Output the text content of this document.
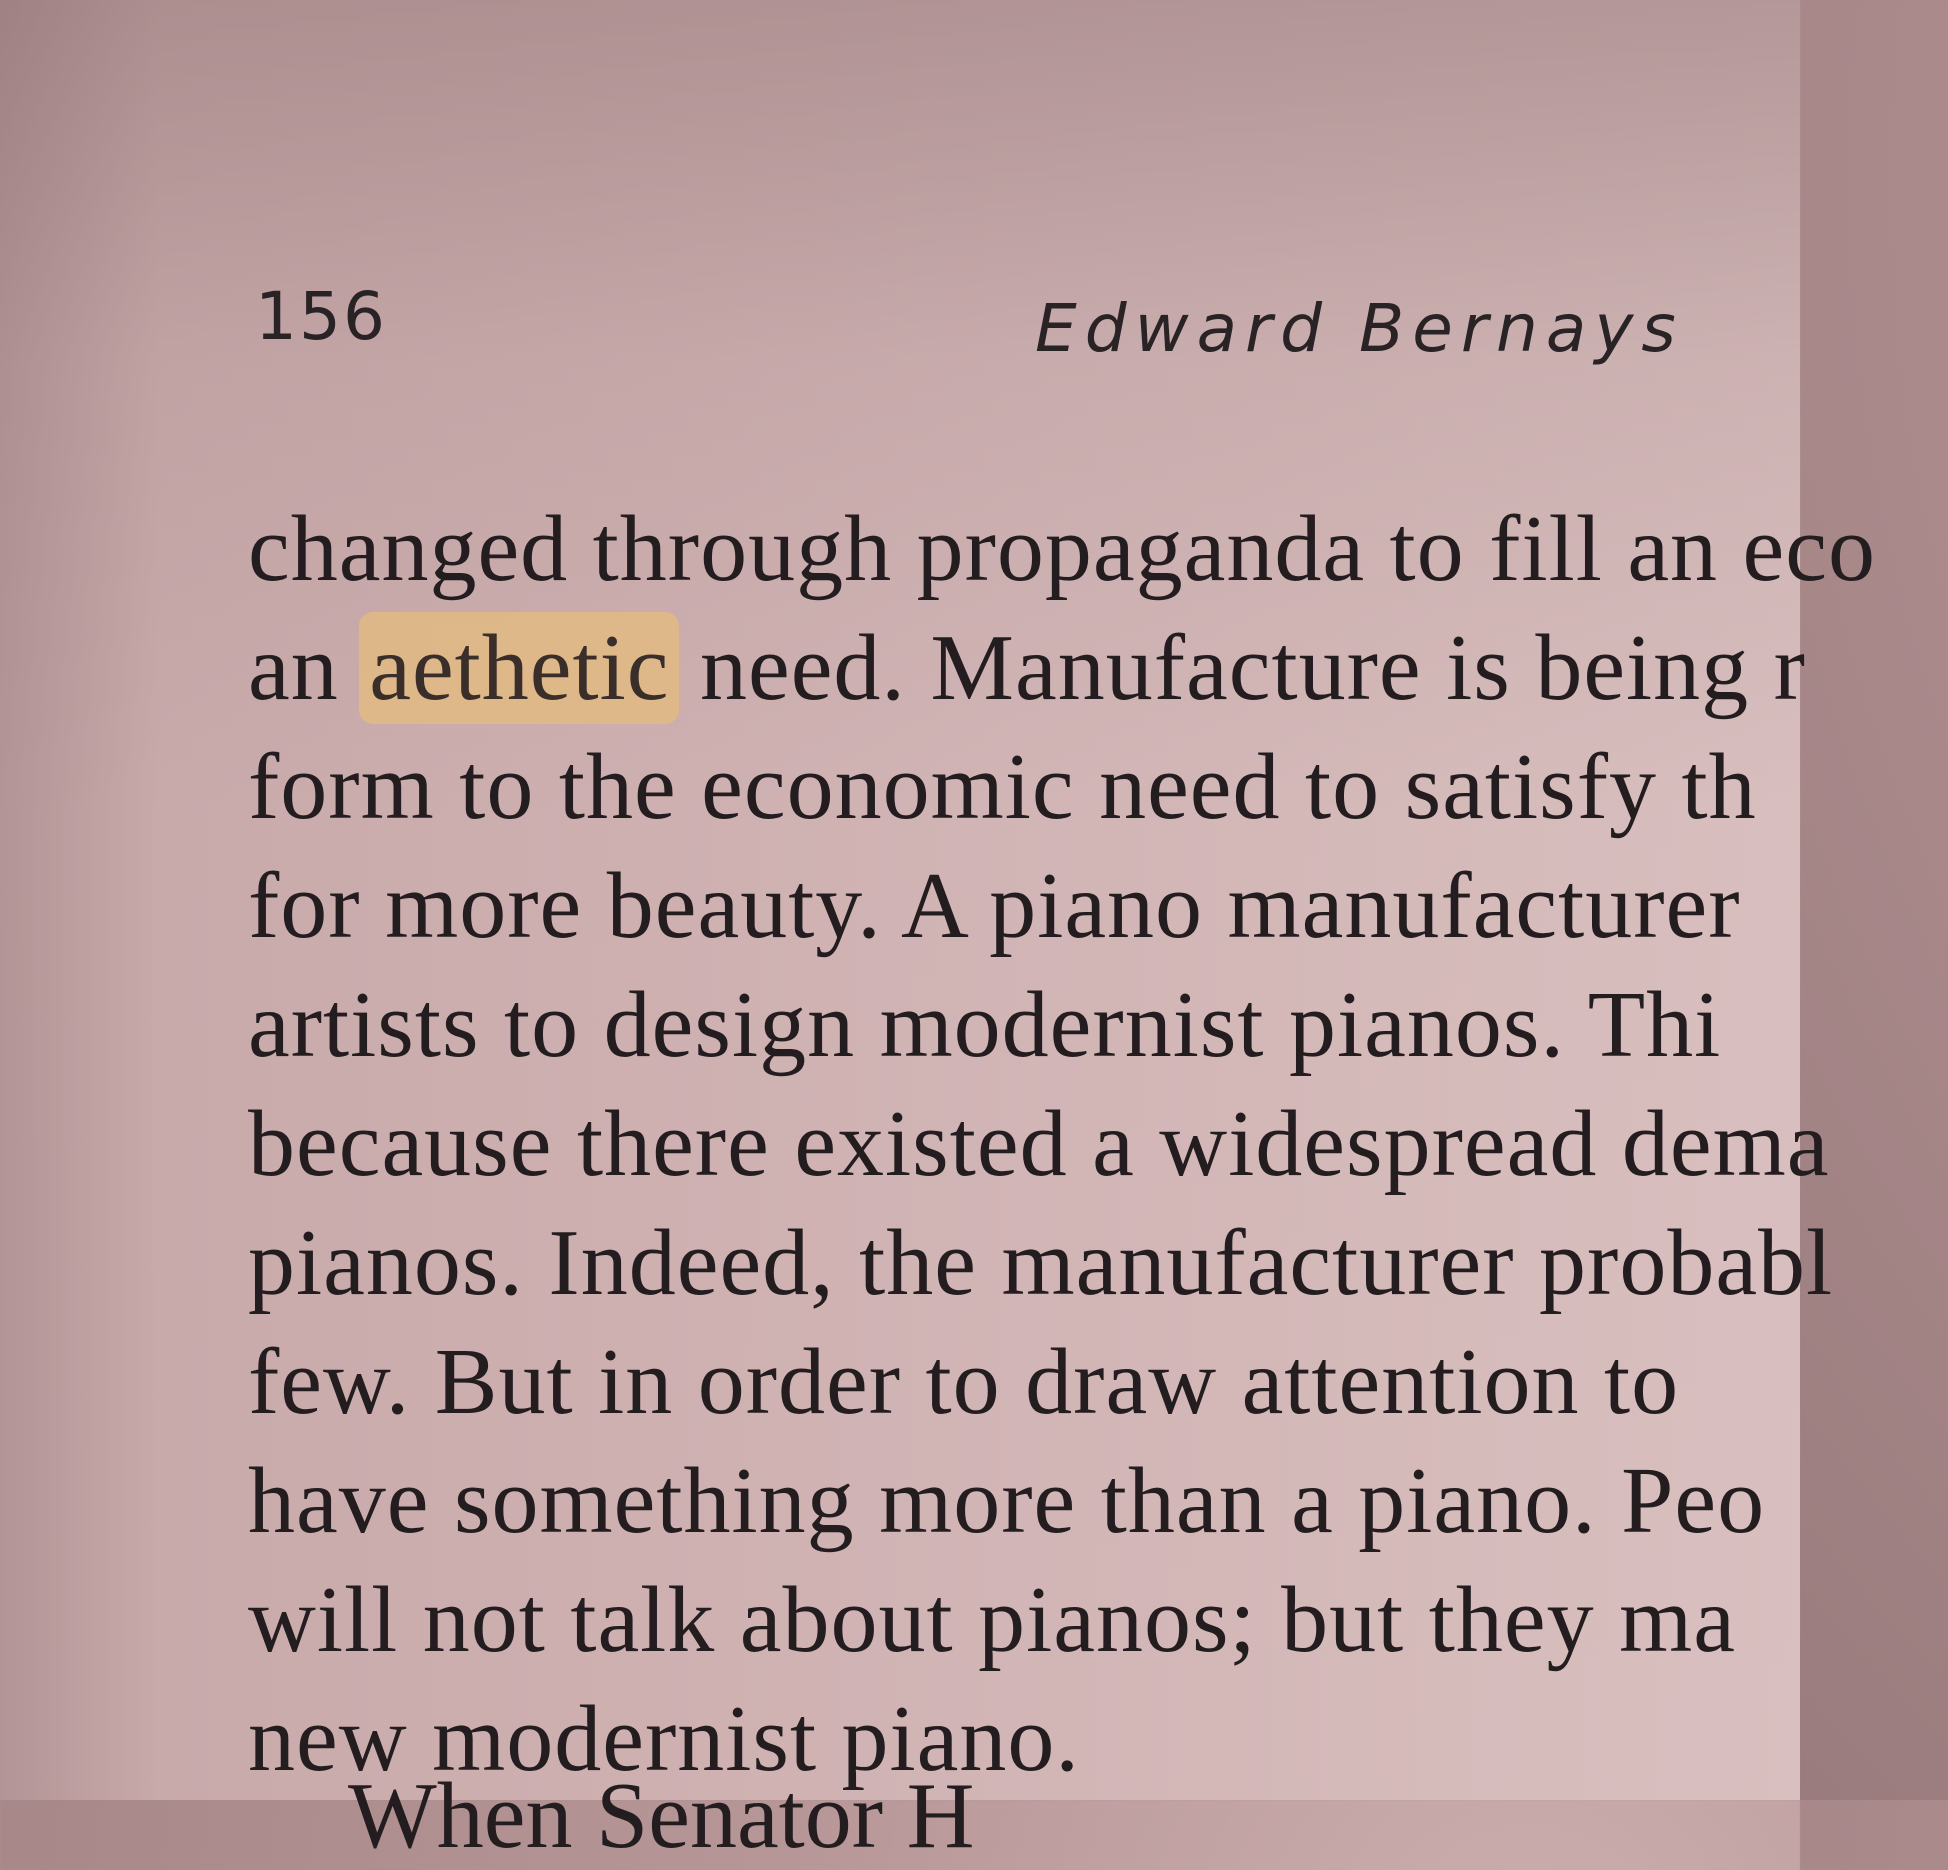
156	Edward Bernays
changed through propaganda to fill an eco
an aethetic need. Manufacture is being r
form to the economic need to satisfy th
for more beauty. A piano manufacturer
artists to design modernist pianos. Thi
because there existed a widespread dema
pianos. Indeed, the manufacturer probabl
few. But in order to draw attention to
have something more than a piano. Peo
will not talk about pianos; but they ma
new modernist piano.
When Senator H
